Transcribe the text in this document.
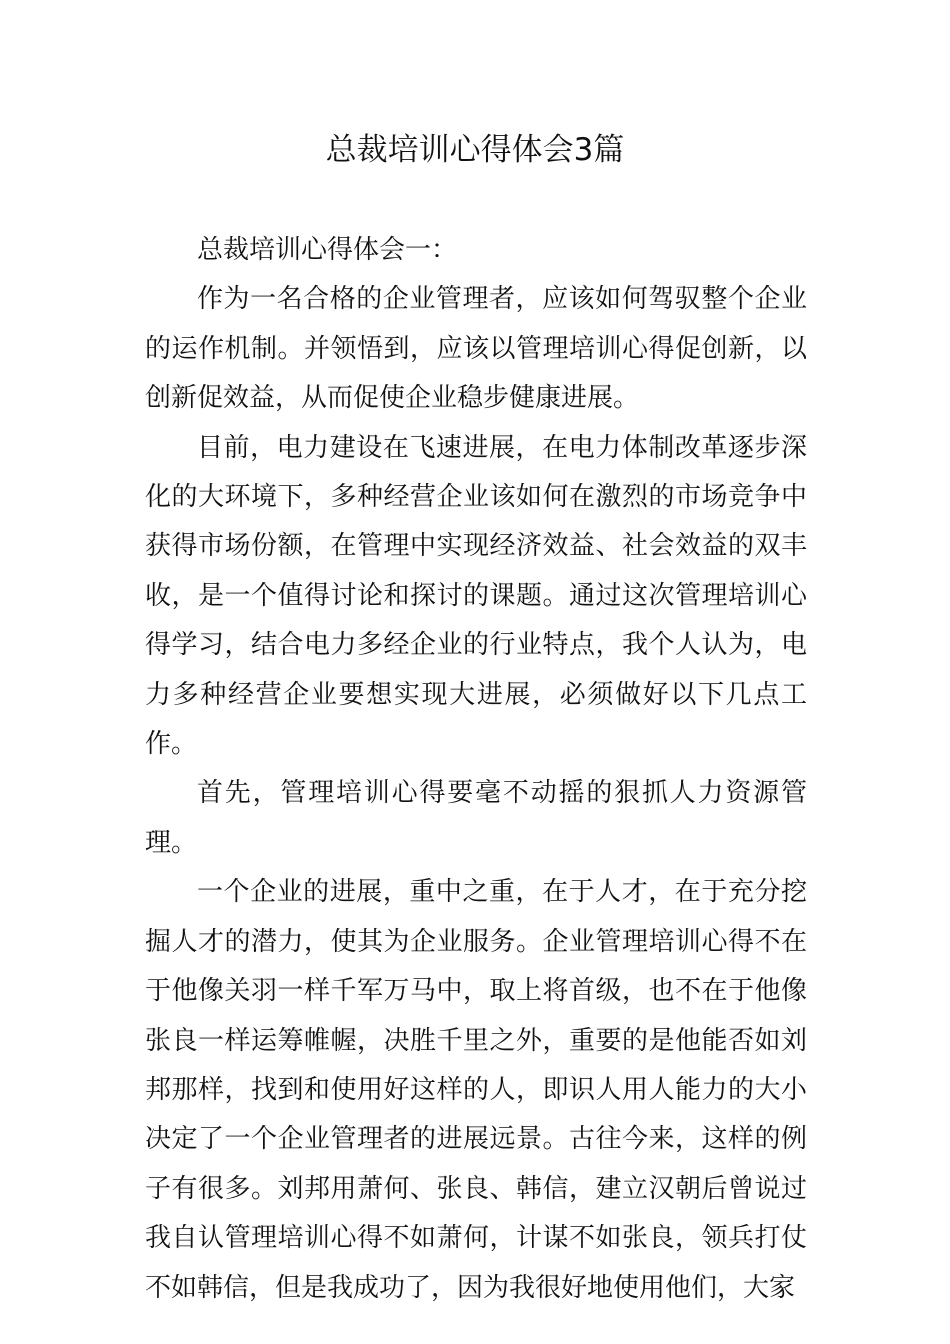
总裁培训心得体会3篇

总裁培训心得体会一：

作为一名合格的企业管理者，应该如何驾驭整个企业的运作机制。并领悟到，应该以管理培训心得促创新，以创新促效益，从而促使企业稳步健康进展。

目前，电力建设在飞速进展，在电力体制改革逐步深化的大环境下，多种经营企业该如何在激烈的市场竞争中获得市场份额，在管理中实现经济效益、社会效益的双丰收，是一个值得讨论和探讨的课题。通过这次管理培训心得学习，结合电力多经企业的行业特点，我个人认为，电力多种经营企业要想实现大进展，必须做好以下几点工作。

首先，管理培训心得要毫不动摇的狠抓人力资源管理。

一个企业的进展，重中之重，在于人才，在于充分挖掘人才的潜力，使其为企业服务。企业管理培训心得不在于他像关羽一样千军万马中，取上将首级，也不在于他像张良一样运筹帷幄，决胜千里之外，重要的是他能否如刘邦那样，找到和使用好这样的人，即识人用人能力的大小决定了一个企业管理者的进展远景。古往今来，这样的例子有很多。刘邦用萧何、张良、韩信，建立汉朝后曾说过我自认管理培训心得不如萧何，计谋不如张良，领兵打仗不如韩信，但是我成功了，因为我很好地使用他们，大家
